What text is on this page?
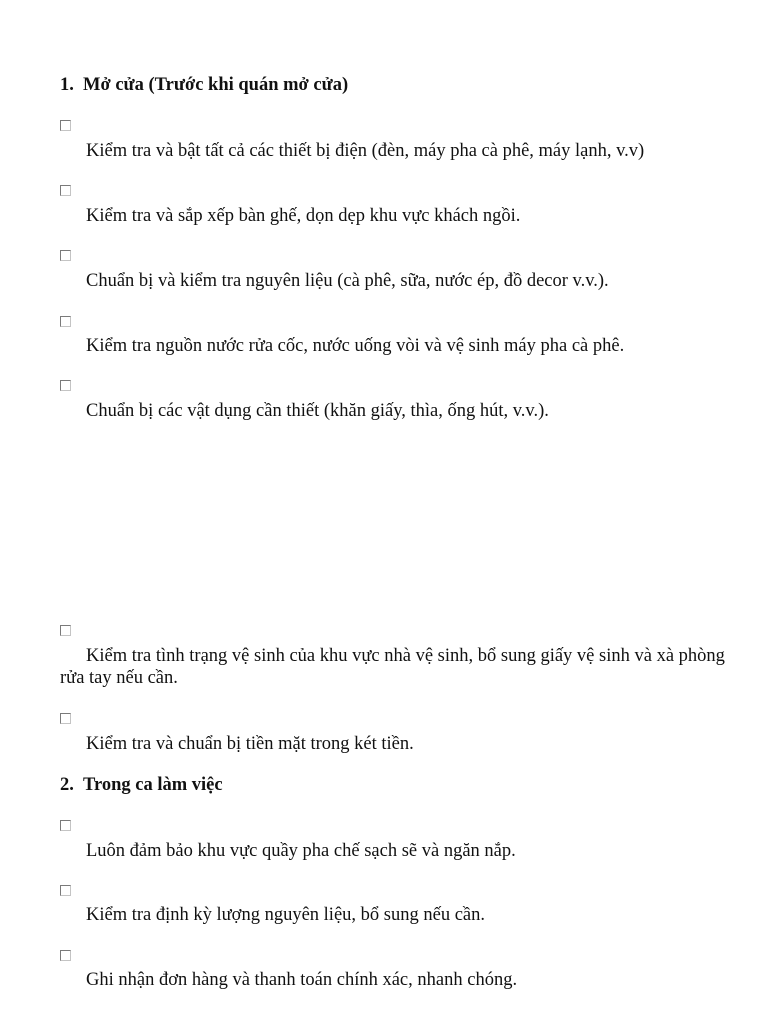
1. Mở cửa (Trước khi quán mở cửa)
Kiểm tra và bật tất cả các thiết bị điện (đèn, máy pha cà phê, máy lạnh, v.v)
Kiểm tra và sắp xếp bàn ghế, dọn dẹp khu vực khách ngồi.
Chuẩn bị và kiểm tra nguyên liệu (cà phê, sữa, nước ép, đồ decor v.v.).
Kiểm tra nguồn nước rửa cốc, nước uống vòi và vệ sinh máy pha cà phê.
Chuẩn bị các vật dụng cần thiết (khăn giấy, thìa, ống hút, v.v.).
Kiểm tra tình trạng vệ sinh của khu vực nhà vệ sinh, bổ sung giấy vệ sinh và xà phòng rửa tay nếu cần.
Kiểm tra và chuẩn bị tiền mặt trong két tiền.
2. Trong ca làm việc
Luôn đảm bảo khu vực quầy pha chế sạch sẽ và ngăn nắp.
Kiểm tra định kỳ lượng nguyên liệu, bổ sung nếu cần.
Ghi nhận đơn hàng và thanh toán chính xác, nhanh chóng.
